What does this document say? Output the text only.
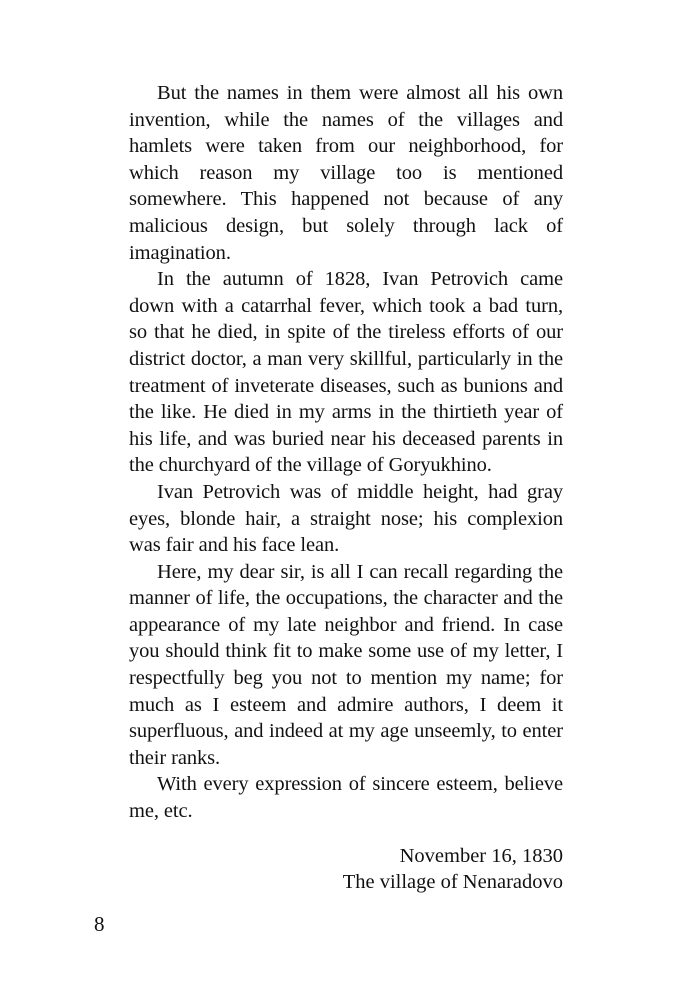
But the names in them were almost all his own invention, while the names of the villages and hamlets were taken from our neighborhood, for which reason my village too is mentioned somewhere. This happened not because of any malicious design, but solely through lack of imagination.

In the autumn of 1828, Ivan Petrovich came down with a catarrhal fever, which took a bad turn, so that he died, in spite of the tireless efforts of our district doctor, a man very skillful, particularly in the treatment of inveterate diseases, such as bunions and the like. He died in my arms in the thirtieth year of his life, and was buried near his deceased parents in the churchyard of the village of Goryukhino.

Ivan Petrovich was of middle height, had gray eyes, blonde hair, a straight nose; his complexion was fair and his face lean.

Here, my dear sir, is all I can recall regarding the manner of life, the occupations, the character and the appearance of my late neighbor and friend. In case you should think fit to make some use of my letter, I respectfully beg you not to mention my name; for much as I esteem and admire authors, I deem it superfluous, and indeed at my age unseemly, to enter their ranks.

With every expression of sincere esteem, believe me, etc.

November 16, 1830
The village of Nenaradovo
8
